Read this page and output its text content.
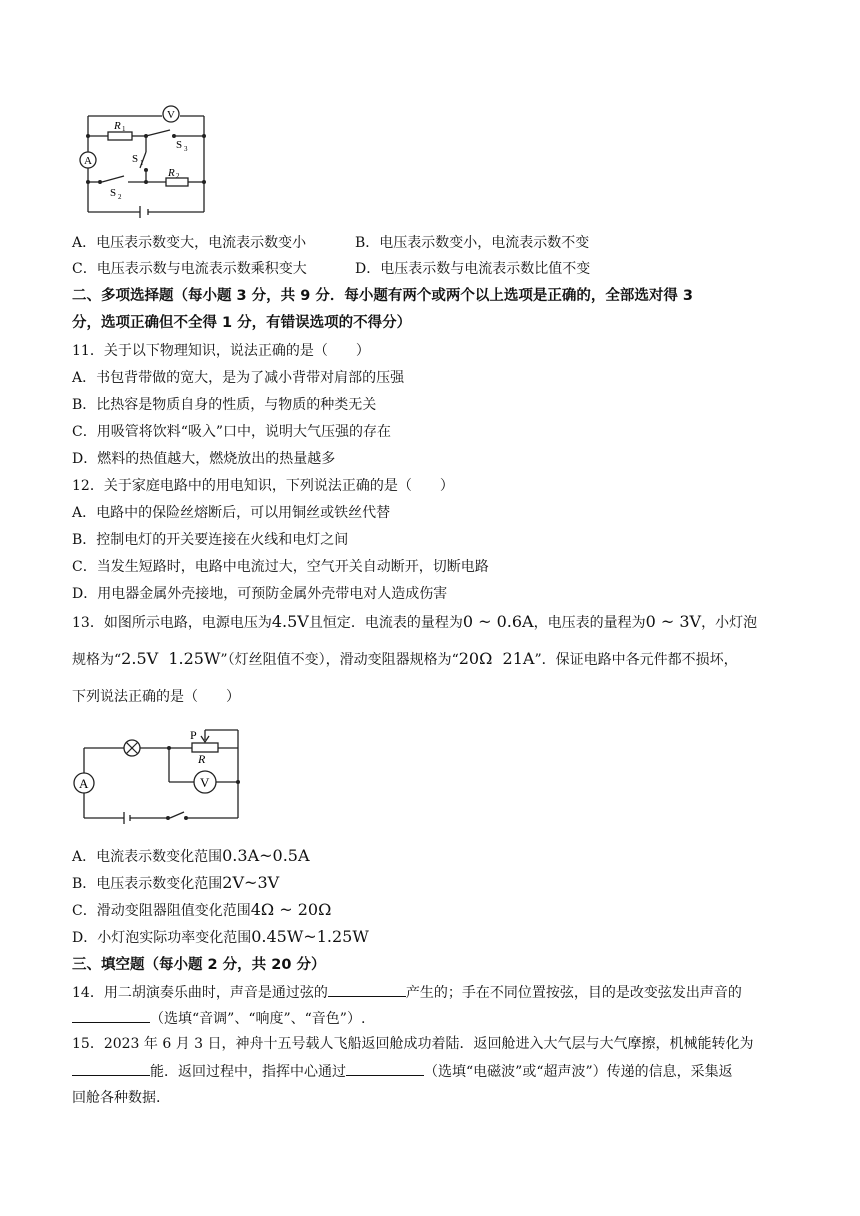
V
A
R 1
R 2
S 1
S 2
S 3
A．电压表示数变大，电流表示数变小	B．电压表示数变小，电流表示数不变
C．电压表示数与电流表示数乘积变大	D．电压表示数与电流表示数比值不变
二、多项选择题（每小题 3 分，共 9 分．每小题有两个或两个以上选项是正确的，全部选对得 3
分，选项正确但不全得 1 分，有错误选项的不得分）
11．关于以下物理知识，说法正确的是（　　）
A．书包背带做的宽大，是为了减小背带对肩部的压强
B．比热容是物质自身的性质，与物质的种类无关
C．用吸管将饮料“吸入”口中，说明大气压强的存在
D．燃料的热值越大，燃烧放出的热量越多
12．关于家庭电路中的用电知识，下列说法正确的是（　　）
A．电路中的保险丝熔断后，可以用铜丝或铁丝代替
B．控制电灯的开关要连接在火线和电灯之间
C．当发生短路时，电路中电流过大，空气开关自动断开，切断电路
D．用电器金属外壳接地，可预防金属外壳带电对人造成伤害
13．如图所示电路，电源电压为4.5V且恒定．电流表的量程为0 ~ 0.6A，电压表的量程为0 ~ 3V，小灯泡
规格为“2.5V  1.25W”（灯丝阻值不变），滑动变阻器规格为“20Ω  21A”．保证电路中各元件都不损坏，
下列说法正确的是（　　）
V
A
P
R
A．电流表示数变化范围0.3A~0.5A
B．电压表示数变化范围2V~3V
C．滑动变阻器阻值变化范围4Ω ~ 20Ω
D．小灯泡实际功率变化范围0.45W~1.25W
三、填空题（每小题 2 分，共 20 分）
14．用二胡演奏乐曲时，声音是通过弦的	产生的；手在不同位置按弦，目的是改变弦发出声音的
（选填“音调”、“响度”、“音色”）.
15．2023 年 6 月 3 日，神舟十五号载人飞船返回舱成功着陆．返回舱进入大气层与大气摩擦，机械能转化为
能．返回过程中，指挥中心通过	（选填“电磁波”或“超声波”）传递的信息，采集返
回舱各种数据.
